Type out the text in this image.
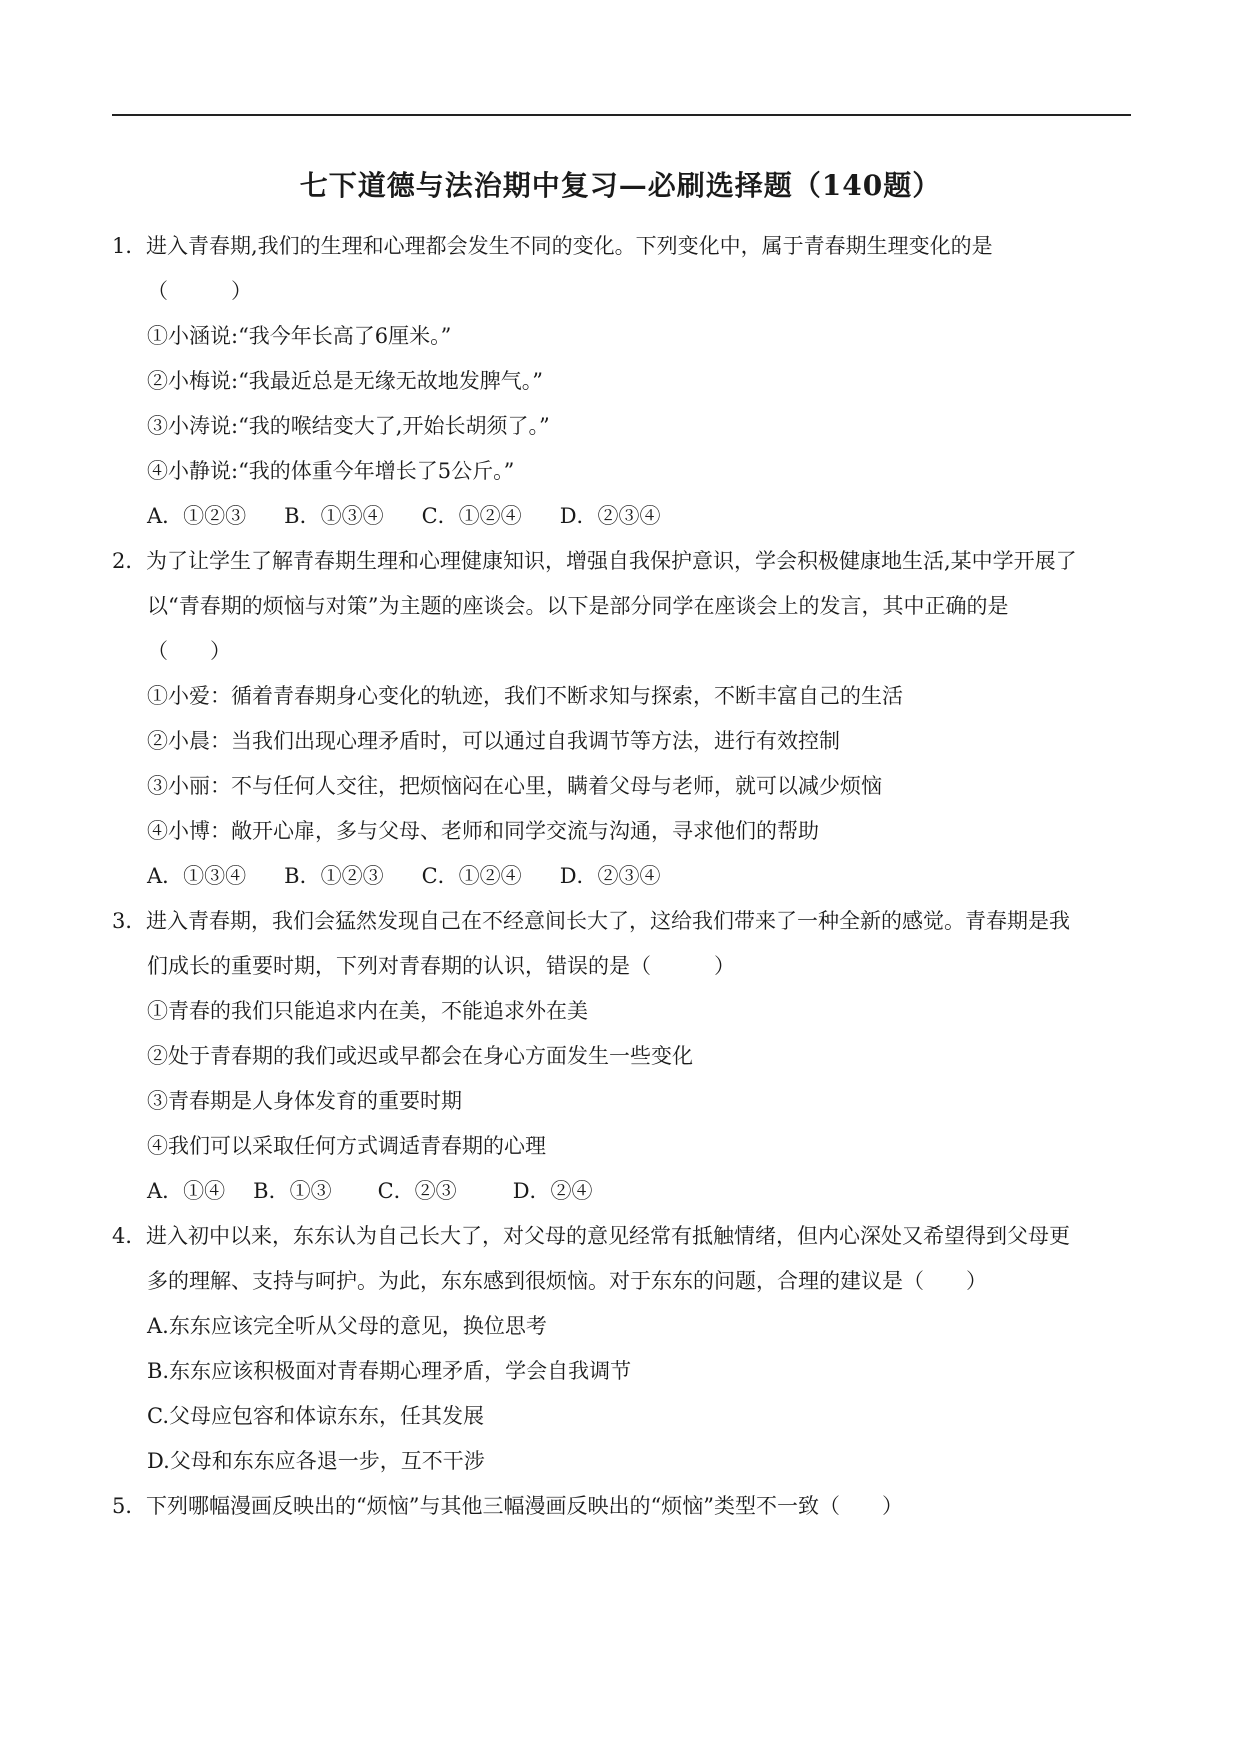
七下道德与法治期中复习—必刷选择题（140题）
1．进入青春期,我们的生理和心理都会发生不同的变化。下列变化中，属于青春期生理变化的是
（　　　）
①小涵说:“我今年长高了6厘米。”
②小梅说:“我最近总是无缘无故地发脾气。”
③小涛说:“我的喉结变大了,开始长胡须了。”
④小静说:“我的体重今年增长了5公斤。”
A．①②③ B．①③④ C．①②④ D．②③④
2．为了让学生了解青春期生理和心理健康知识，增强自我保护意识，学会积极健康地生活,某中学开展了
以“青春期的烦恼与对策”为主题的座谈会。以下是部分同学在座谈会上的发言，其中正确的是
（　　）
①小爱：循着青春期身心变化的轨迹，我们不断求知与探索，不断丰富自己的生活
②小晨：当我们出现心理矛盾时，可以通过自我调节等方法，进行有效控制
③小丽：不与任何人交往，把烦恼闷在心里，瞒着父母与老师，就可以减少烦恼
④小博：敞开心扉，多与父母、老师和同学交流与沟通，寻求他们的帮助
A．①③④ B．①②③ C．①②④ D．②③④
3．进入青春期，我们会猛然发现自己在不经意间长大了，这给我们带来了一种全新的感觉。青春期是我
们成长的重要时期，下列对青春期的认识，错误的是（　　　）
①青春的我们只能追求内在美，不能追求外在美
②处于青春期的我们或迟或早都会在身心方面发生一些变化
③青春期是人身体发育的重要时期
④我们可以采取任何方式调适青春期的心理
A．①④ B．①③ C．②③	D．②④
4．进入初中以来，东东认为自己长大了，对父母的意见经常有抵触情绪，但内心深处又希望得到父母更
多的理解、支持与呵护。为此，东东感到很烦恼。对于东东的问题，合理的建议是（　　）
A.东东应该完全听从父母的意见，换位思考
B.东东应该积极面对青春期心理矛盾，学会自我调节
C.父母应包容和体谅东东，任其发展
D.父母和东东应各退一步，互不干涉
5．下列哪幅漫画反映出的“烦恼”与其他三幅漫画反映出的“烦恼”类型不一致（　　）
